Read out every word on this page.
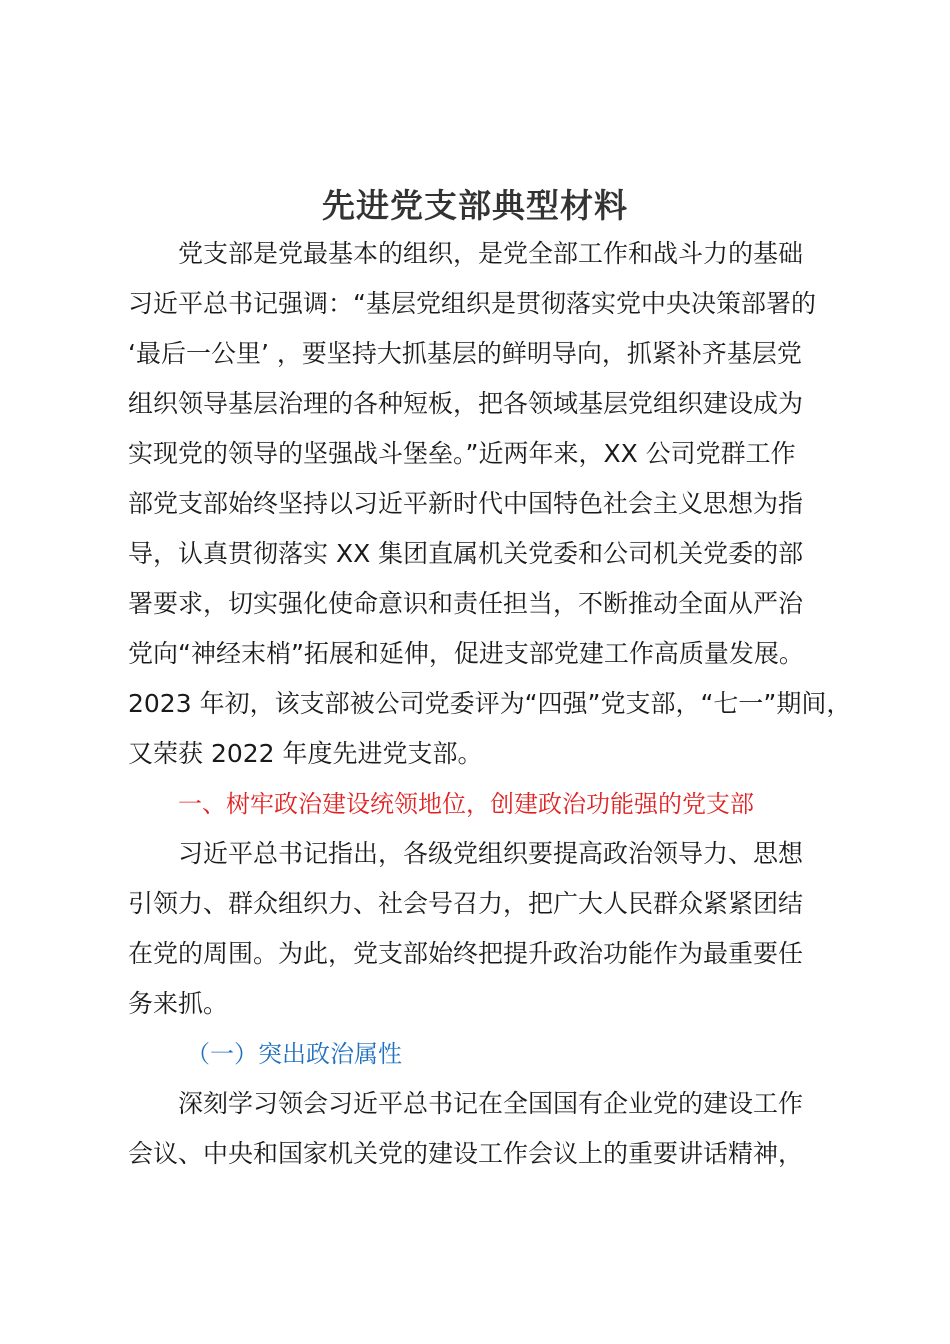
先进党支部典型材料
党支部是党最基本的组织，是党全部工作和战斗力的基础
习近平总书记强调：“基层党组织是贯彻落实党中央决策部署的
‘最后一公里’ ，要坚持大抓基层的鲜明导向，抓紧补齐基层党
组织领导基层治理的各种短板，把各领域基层党组织建设成为
实现党的领导的坚强战斗堡垒。”近两年来，XX 公司党群工作
部党支部始终坚持以习近平新时代中国特色社会主义思想为指
导，认真贯彻落实 XX 集团直属机关党委和公司机关党委的部
署要求，切实强化使命意识和责任担当，不断推动全面从严治
党向“神经末梢”拓展和延伸，促进支部党建工作高质量发展。
2023 年初，该支部被公司党委评为“四强”党支部，“七一”期间，
又荣获 2022 年度先进党支部。
一、树牢政治建设统领地位，创建政治功能强的党支部
习近平总书记指出，各级党组织要提高政治领导力、思想
引领力、群众组织力、社会号召力，把广大人民群众紧紧团结
在党的周围。为此，党支部始终把提升政治功能作为最重要任
务来抓。
（一）突出政治属性
深刻学习领会习近平总书记在全国国有企业党的建设工作
会议、中央和国家机关党的建设工作会议上的重要讲话精神，
